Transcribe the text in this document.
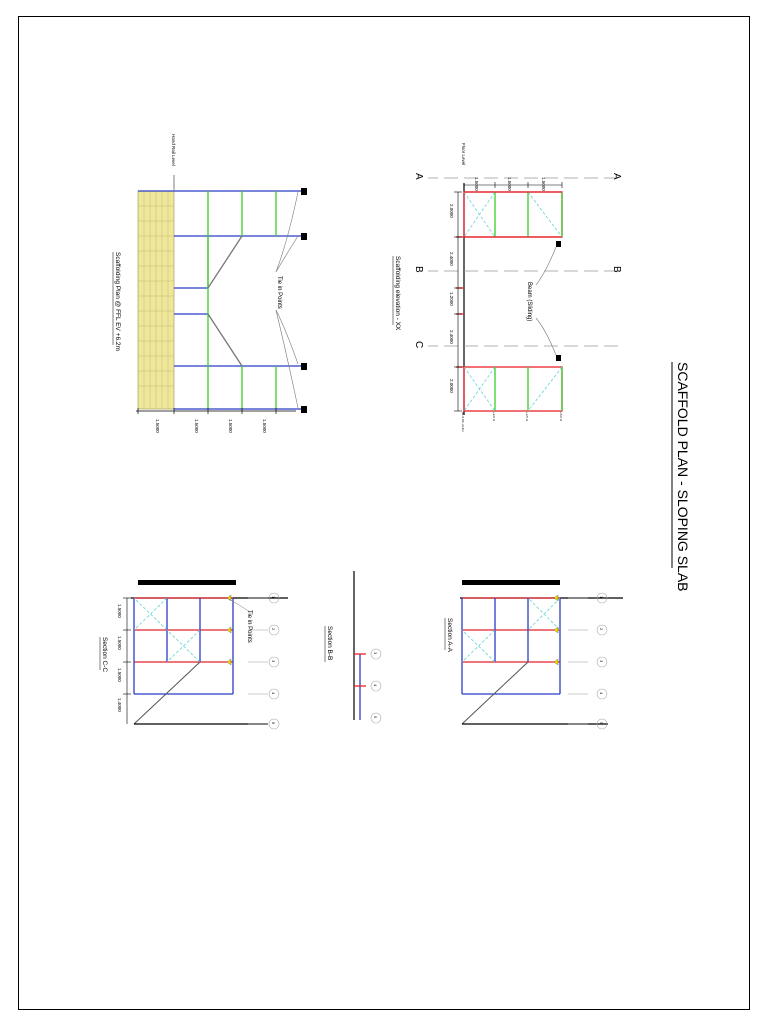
SCAFFOLD PLAN - SLOPING SLAB
Tie in Points
Hand Rail Level
Scaffolding Plan @ FFL EV +6.2m
1.5000
1.5000
1.5000
1.5000
Beam (Sliding)
A	A
B	B
C
Floor Level
1.5000
1.5000
1.5000
2.0000
2.4000
1.2000
2.4000
2.0000
RL 0.00 +6.2m	+2.0 m	+3.5 m	+5.0 m
Scaffolding elevation - XX
1
2
3
4
5
Section A-A
3
4
5
Section B-B
1
2
3
4
5
Tie in Points
1.5000
1.5000
1.5000
1.4000
Section C-C
